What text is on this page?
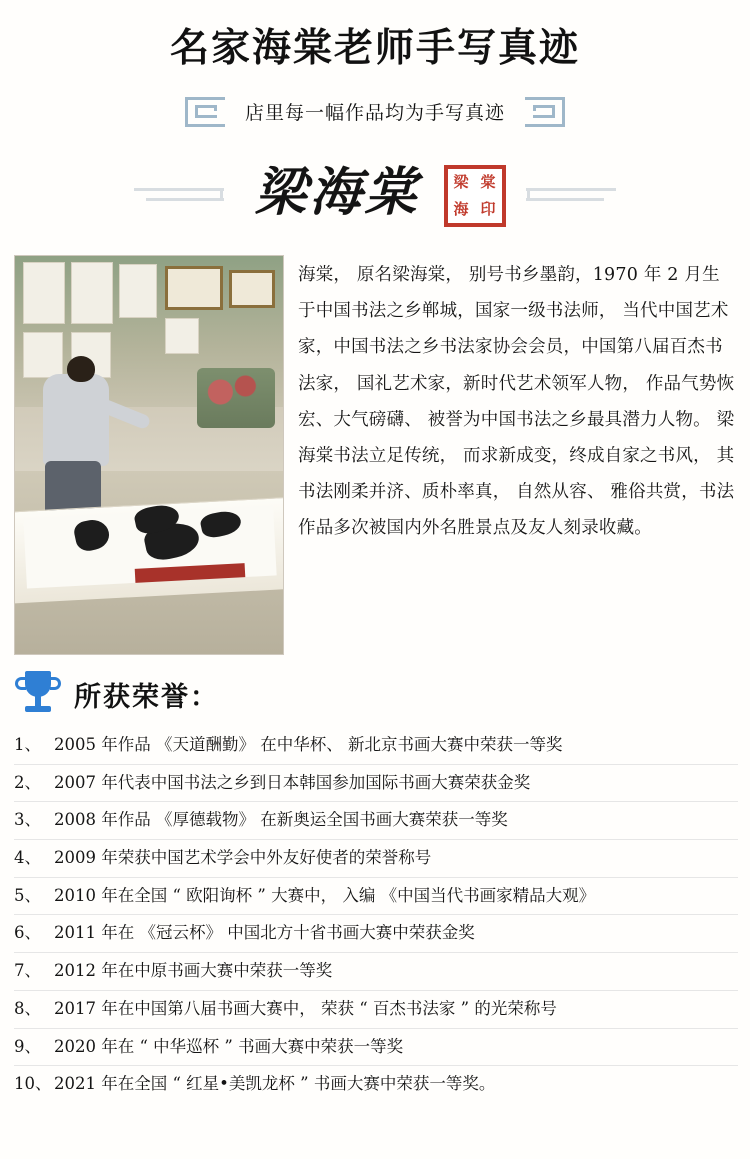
名家海棠老师手写真迹
店里每一幅作品均为手写真迹
梁海棠	梁 棠
海 印
海棠， 原名梁海棠， 别号书乡墨韵，1970 年 2 月生于中国书法之乡郸城，国家一级书法师， 当代中国艺术家，中国书法之乡书法家协会会员，中国第八届百杰书法家， 国礼艺术家，新时代艺术领军人物， 作品气势恢宏、大气磅礴、 被誉为中国书法之乡最具潜力人物。 梁海棠书法立足传统， 而求新成变，终成自家之书风， 其书法刚柔并济、质朴率真， 自然从容、 雅俗共赏，书法作品多次被国内外名胜景点及友人刻录收藏。
所获荣誉：
1、 2005 年作品 《天道酬勤》 在中华杯、 新北京书画大赛中荣获一等奖
2、 2007 年代表中国书法之乡到日本韩国参加国际书画大赛荣获金奖
3、 2008 年作品 《厚德载物》 在新奥运全国书画大赛荣获一等奖
4、 2009 年荣获中国艺术学会中外友好使者的荣誉称号
5、 2010 年在全国 “ 欧阳询杯 ” 大赛中， 入编 《中国当代书画家精品大观》
6、 2011 年在 《冠云杯》 中国北方十省书画大赛中荣获金奖
7、 2012 年在中原书画大赛中荣获一等奖
8、 2017 年在中国第八届书画大赛中， 荣获 “ 百杰书法家 ” 的光荣称号
9、 2020 年在 “ 中华巡杯 ” 书画大赛中荣获一等奖
10、 2021 年在全国 “ 红星•美凯龙杯 ” 书画大赛中荣获一等奖。
